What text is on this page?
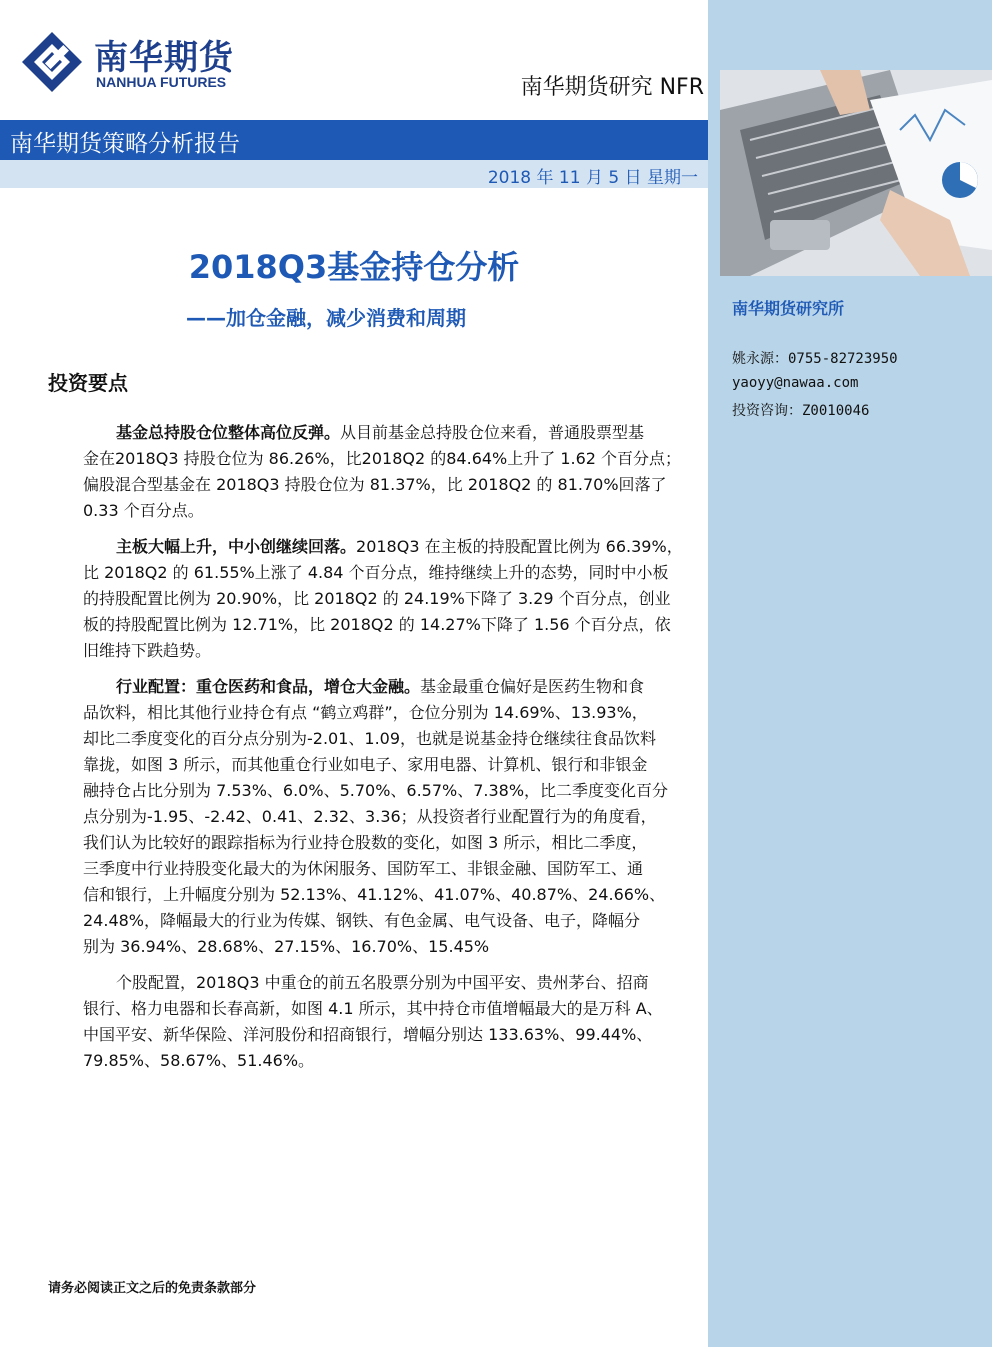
南华期货
NANHUA FUTURES	南华期货研究 NFR
南华期货策略分析报告
2018 年 11 月 5 日 星期一
2018Q3基金持仓分析
——加仓金融，减少消费和周期
投资要点
南华期货研究所
姚永源：0755-82723950
yaoyy@nawaa.com
投资咨询：Z0010046
基金总持股仓位整体高位反弹。从目前基金总持股仓位来看，普通股票型基
金在2018Q3 持股仓位为 86.26%，比2018Q2 的84.64%上升了 1.62 个百分点；
偏股混合型基金在 2018Q3 持股仓位为 81.37%，比 2018Q2 的 81.70%回落了
0.33 个百分点。
主板大幅上升，中小创继续回落。2018Q3 在主板的持股配置比例为 66.39%，
比 2018Q2 的 61.55%上涨了 4.84 个百分点，维持继续上升的态势，同时中小板
的持股配置比例为 20.90%，比 2018Q2 的 24.19%下降了 3.29 个百分点，创业
板的持股配置比例为 12.71%，比 2018Q2 的 14.27%下降了 1.56 个百分点，依
旧维持下跌趋势。
行业配置：重仓医药和食品，增仓大金融。基金最重仓偏好是医药生物和食
品饮料，相比其他行业持仓有点 “鹤立鸡群”，仓位分别为 14.69%、13.93%，
却比二季度变化的百分点分别为-2.01、1.09，也就是说基金持仓继续往食品饮料
靠拢，如图 3 所示，而其他重仓行业如电子、家用电器、计算机、银行和非银金
融持仓占比分别为 7.53%、6.0%、5.70%、6.57%、7.38%，比二季度变化百分
点分别为-1.95、-2.42、0.41、2.32、3.36；从投资者行业配置行为的角度看，
我们认为比较好的跟踪指标为行业持仓股数的变化，如图 3 所示，相比二季度，
三季度中行业持股变化最大的为休闲服务、国防军工、非银金融、国防军工、通
信和银行，上升幅度分别为 52.13%、41.12%、41.07%、40.87%、24.66%、
24.48%，降幅最大的行业为传媒、钢铁、有色金属、电气设备、电子，降幅分
别为 36.94%、28.68%、27.15%、16.70%、15.45%
个股配置，2018Q3 中重仓的前五名股票分别为中国平安、贵州茅台、招商
银行、格力电器和长春高新，如图 4.1 所示，其中持仓市值增幅最大的是万科 A、
中国平安、新华保险、洋河股份和招商银行，增幅分别达 133.63%、99.44%、
79.85%、58.67%、51.46%。
请务必阅读正文之后的免责条款部分
